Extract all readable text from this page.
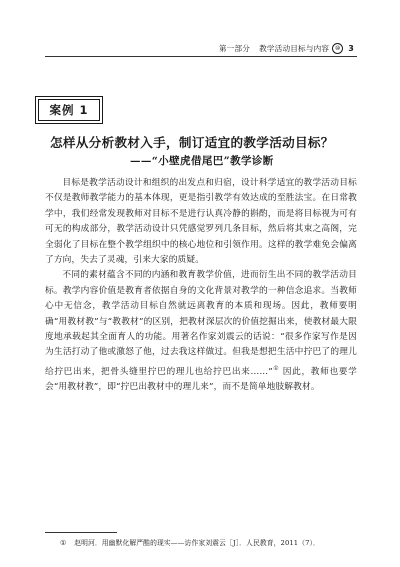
第一部分 教学活动目标与内容 ⑩ 3
案例 1
怎样从分析教材入手，制订适宜的教学活动目标？
——“小壁虎借尾巴”教学诊断

目标是教学活动设计和组织的出发点和归宿，设计科学适宜的教学活动目标不仅是教师教学能力的基本体现，更是指引教学有效达成的至胜法宝。在日常教学中，我们经常发现教师对目标不是进行认真冷静的斟酌，而是将目标视为可有可无的构成部分，教学活动设计只凭感觉罗列几条目标，然后将其束之高阁，完全弱化了目标在整个教学组织中的核心地位和引领作用。这样的教学难免会偏离了方向，失去了灵魂，引来大家的质疑。

不同的素材蕴含不同的内涵和教育教学价值，进而衍生出不同的教学活动目标。教学内容价值是教育者依据自身的文化背景对教学的一种信念追求。当教师心中无信念，教学活动目标自然就远离教育的本质和现场。因此，教师要明确“用教材教”与“教教材”的区别，把教材深层次的价值挖掘出来，使教材最大限度地承载起其全面育人的功能。用著名作家刘震云的话说：“很多作家写作是因为生活打动了他或激怒了他，过去我这样做过。但我是想把生活中拧巴了的理儿给拧巴出来，把骨头缝里拧巴的理儿也给拧巴出来……”① 因此，教师也要学会“用教材教”，即“拧巴出教材中的理儿来”，而不是简单地肢解教材。

① 赵明河．用幽默化解严酷的现实——访作家刘震云［J］．人民教育，2011（7）．
